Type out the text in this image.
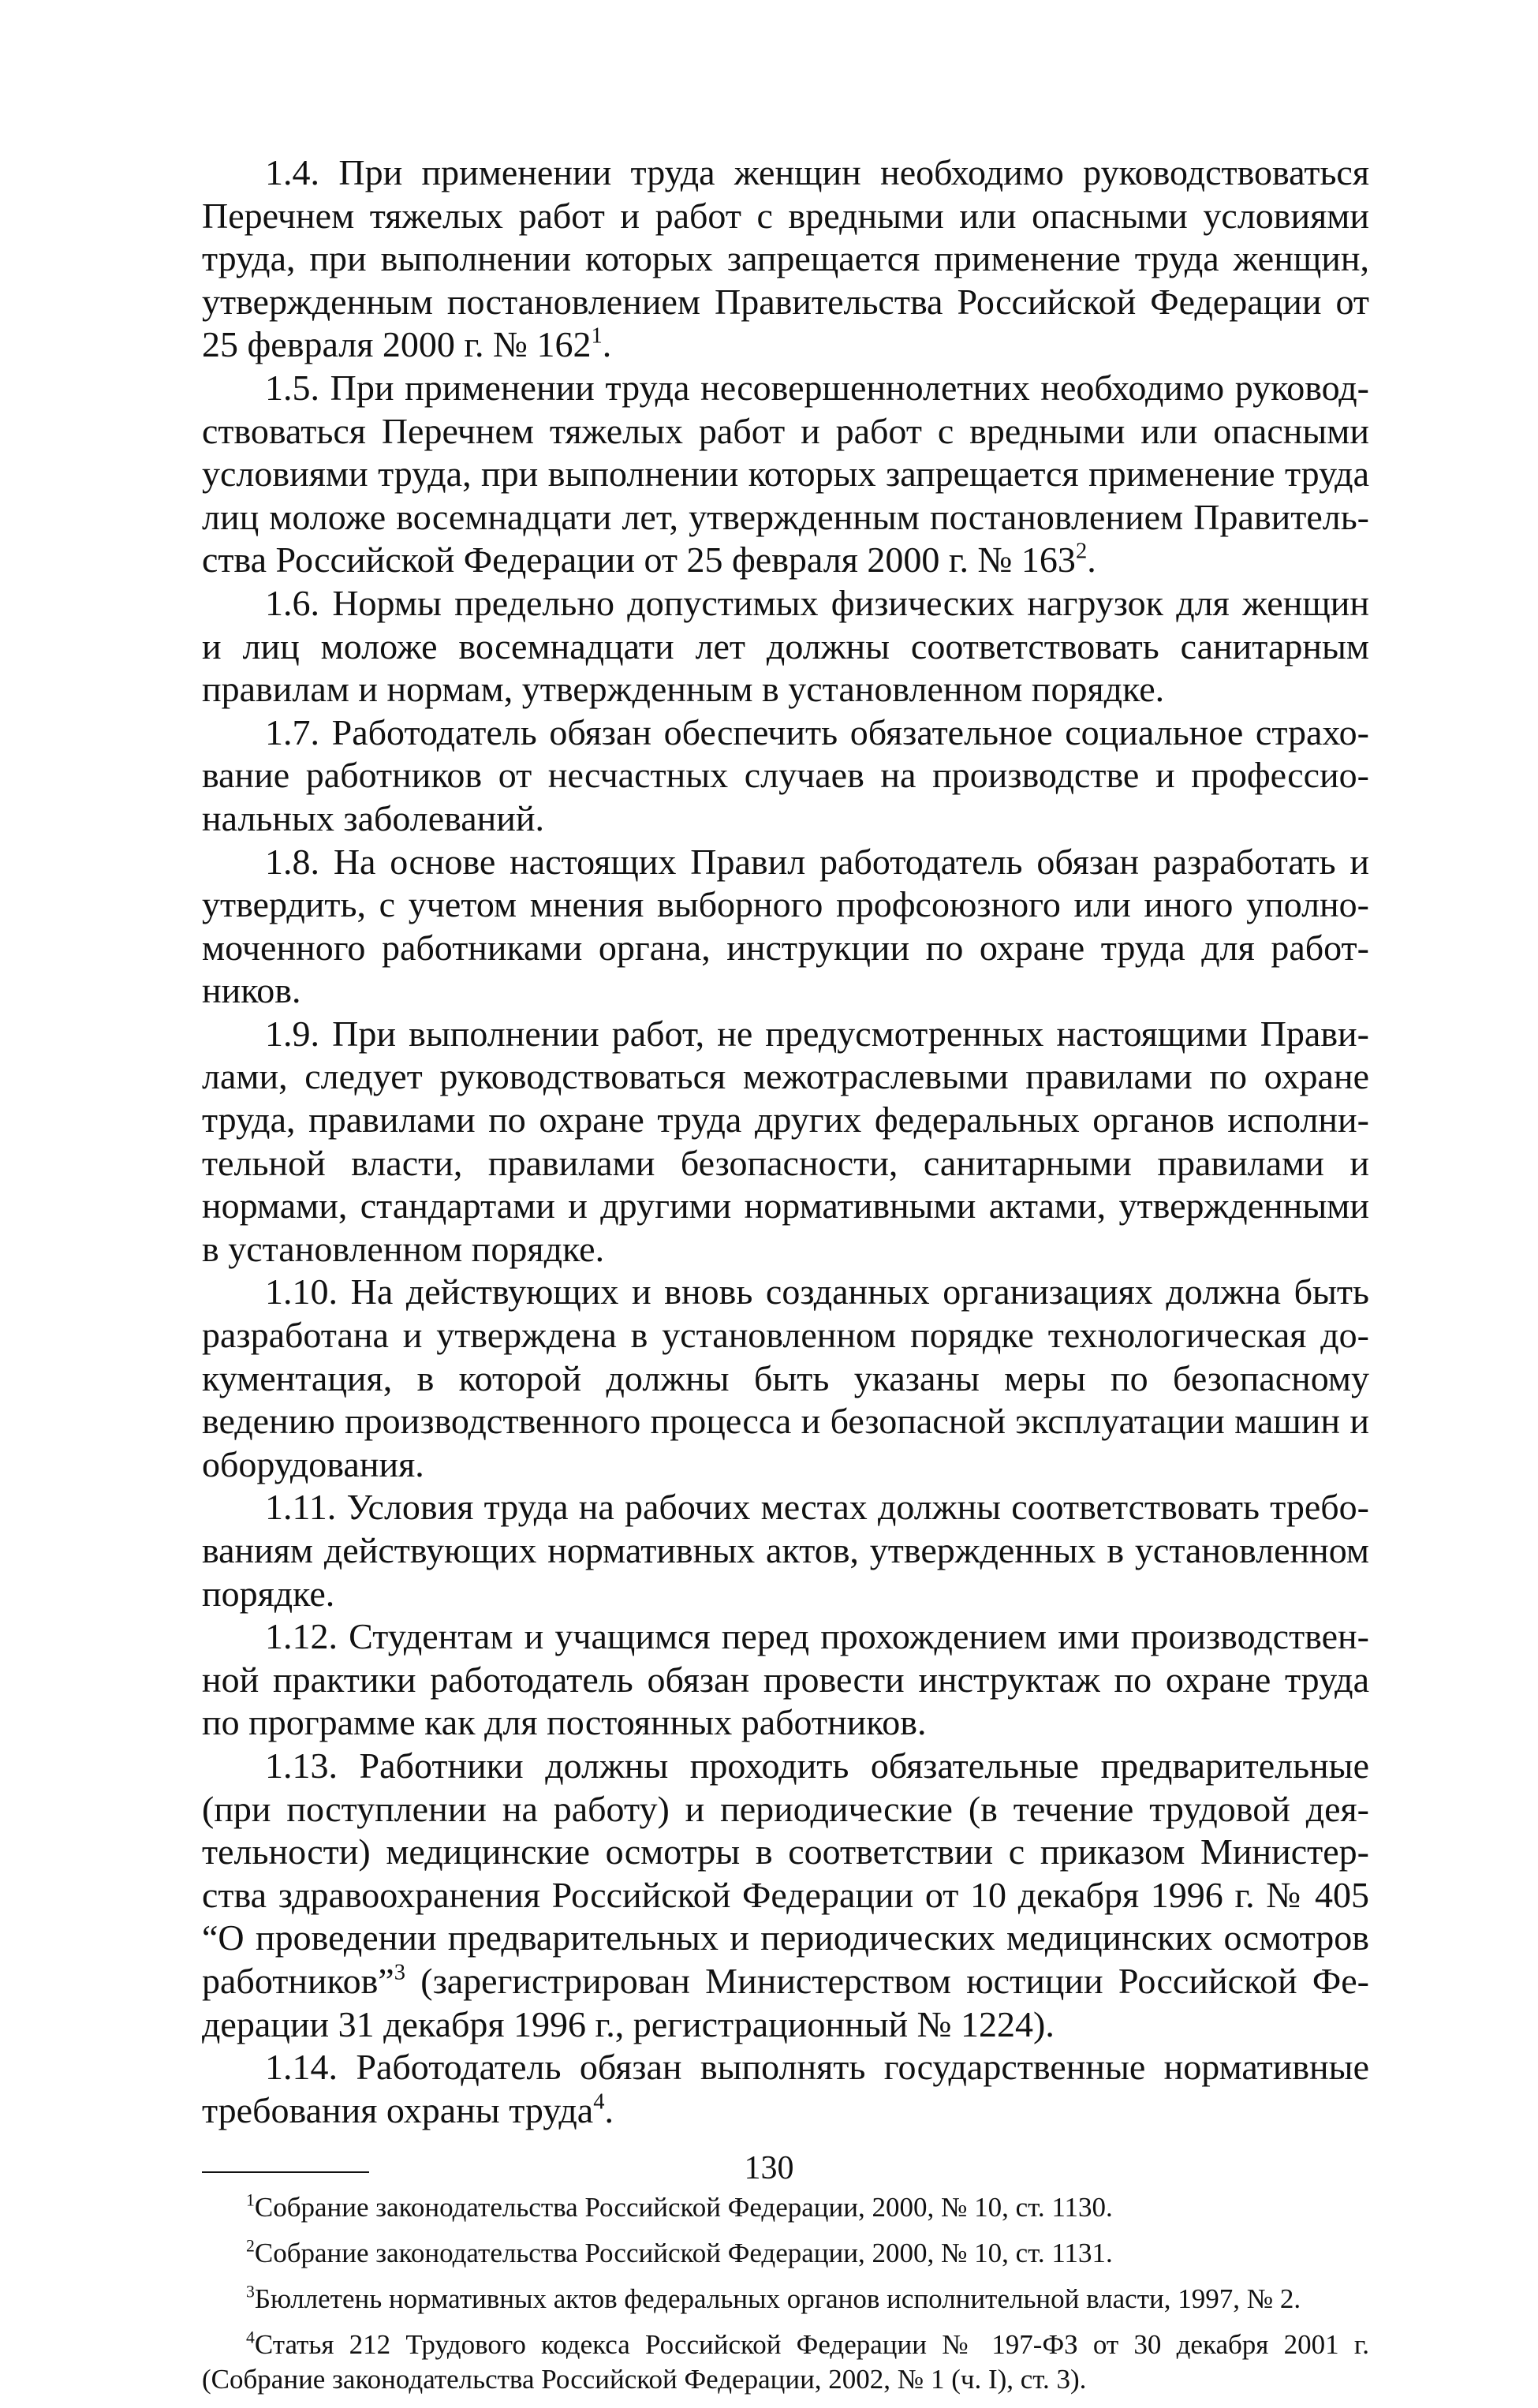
1.4. При применении труда женщин необходимо руководствоваться Перечнем тяжелых работ и работ с вредными или опасными условиями труда, при выполнении которых запрещается применение труда женщин, утвержденным постановлением Правительства Российской Федерации от 25 февраля 2000 г. № $162^1$.

1.5. При применении труда несовершеннолетних необходимо руководствоваться Перечнем тяжелых работ и работ с вредными или опасными условиями труда, при выполнении которых запрещается применение труда лиц моложе восемнадцати лет, утвержденным постановлением Правительства Российской Федерации от 25 февраля 2000 г. № $163^2$.

1.6. Нормы предельно допустимых физических нагрузок для женщин и лиц моложе восемнадцати лет должны соответствовать санитарным правилам и нормам, утвержденным в установленном порядке.

1.7. Работодатель обязан обеспечить обязательное социальное страхование работников от несчастных случаев на производстве и профессиональных заболеваний.

1.8. На основе настоящих Правил работодатель обязан разработать и утвердить, с учетом мнения выборного профсоюзного или иного уполномоченного работниками органа, инструкции по охране труда для работников.

1.9. При выполнении работ, не предусмотренных настоящими Правилами, следует руководствоваться межотраслевыми правилами по охране труда, правилами по охране труда других федеральных органов исполнительной власти, правилами безопасности, санитарными правилами и нормами, стандартами и другими нормативными актами, утвержденными в установленном порядке.

1.10. На действующих и вновь созданных организациях должна быть разработана и утверждена в установленном порядке технологическая документация, в которой должны быть указаны меры по безопасному ведению производственного процесса и безопасной эксплуатации машин и оборудования.

1.11. Условия труда на рабочих местах должны соответствовать требованиям действующих нормативных актов, утвержденных в установленном порядке.

1.12. Студентам и учащимся перед прохождением ими производственной практики работодатель обязан провести инструктаж по охране труда по программе как для постоянных работников.

1.13. Работники должны проходить обязательные предварительные (при поступлении на работу) и периодические (в течение трудовой деятельности) медицинские осмотры в соответствии с приказом Министерства здравоохранения Российской Федерации от 10 декабря 1996 г. № 405 “О проведении предварительных и периодических медицинских осмотров работников”$^3$ (зарегистрирован Министерством юстиции Российской Федерации 31 декабря 1996 г., регистрационный № 1224).

1.14. Работодатель обязан выполнять государственные нормативные требования охраны труда$^4$.

$^1$Собрание законодательства Российской Федерации, 2000, № 10, ст. 1130.

$^2$Собрание законодательства Российской Федерации, 2000, № 10, ст. 1131.

$^3$Бюллетень нормативных актов федеральных органов исполнительной власти, 1997, № 2.

$^4$Статья 212 Трудового кодекса Российской Федерации № 197-ФЗ от 30 декабря 2001 г. (Собрание законодательства Российской Федерации, 2002, № 1 (ч. I), ст. 3).

130
